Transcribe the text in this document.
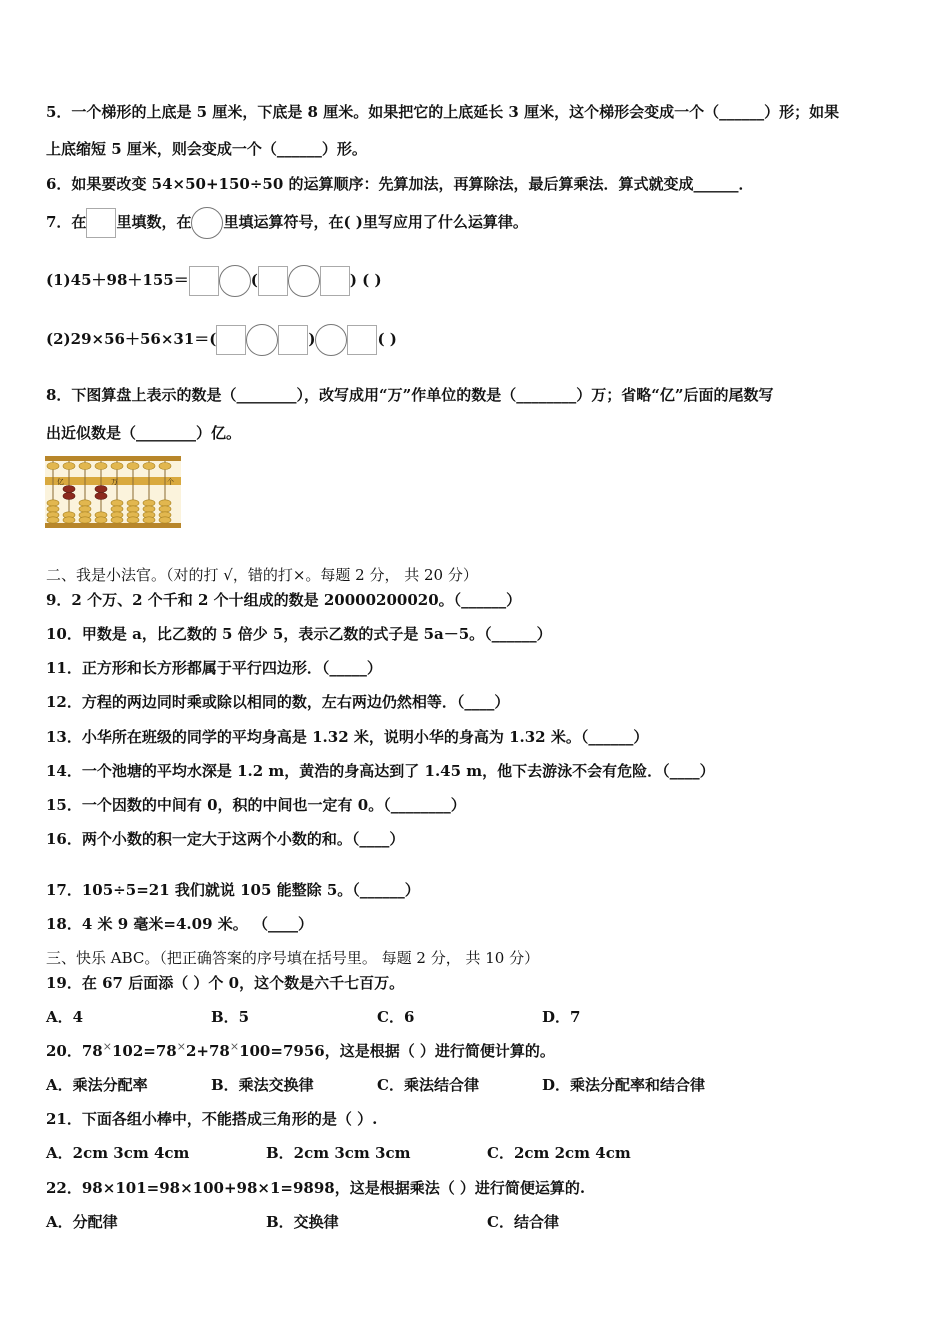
5．一个梯形的上底是 5 厘米，下底是 8 厘米。如果把它的上底延长 3 厘米，这个梯形会变成一个（______）形；如果
上底缩短 5 厘米，则会变成一个（______）形。
6．如果要改变 54×50+150÷50 的运算顺序：先算加法，再算除法，最后算乘法．算式就变成______．
7．在 里填数，在 里填运算符号，在( )里写应用了什么运算律。
(1)45＋98＋155＝	(	) ( )
(2)29×56＋56×31＝(	)	( )
8．下图算盘上表示的数是（________），改写成用“万”作单位的数是（________）万；省略“亿”后面的尾数写
出近似数是（________）亿。
亿	万	个
二、我是小法官。（对的打 √，错的打×。每题 2 分， 共 20 分）
9．2 个万、2 个千和 2 个十组成的数是 20000200020。（______）
10．甲数是 a，比乙数的 5 倍少 5，表示乙数的式子是 5a－5。（______）
11．正方形和长方形都属于平行四边形．（_____）
12．方程的两边同时乘或除以相同的数，左右两边仍然相等．（____）
13．小华所在班级的同学的平均身高是 1.32 米，说明小华的身高为 1.32 米。（______）
14．一个池塘的平均水深是 1.2 m，黄浩的身高达到了 1.45 m，他下去游泳不会有危险．（____）
15．一个因数的中间有 0，积的中间也一定有 0。（________）
16．两个小数的积一定大于这两个小数的和。（____）
17．105÷5=21 我们就说 105 能整除 5。（______）
18．4 米 9 毫米=4.09 米。 （____）
三、快乐 ABC。（把正确答案的序号填在括号里。 每题 2 分， 共 10 分）
19．在 67 后面添（ ）个 0，这个数是六千七百万。
A．4	B．5	C．6	D．7
20．78×102=78×2+78×100=7956，这是根据（ ）进行简便计算的。
A．乘法分配率	B．乘法交换律	C．乘法结合律	D．乘法分配率和结合律
21．下面各组小棒中，不能搭成三角形的是（ ）.
A．2cm 3cm 4cm	B．2cm 3cm 3cm	C．2cm 2cm 4cm
22．98×101=98×100+98×1=9898，这是根据乘法（ ）进行简便运算的.
A．分配律	B．交换律	C．结合律
